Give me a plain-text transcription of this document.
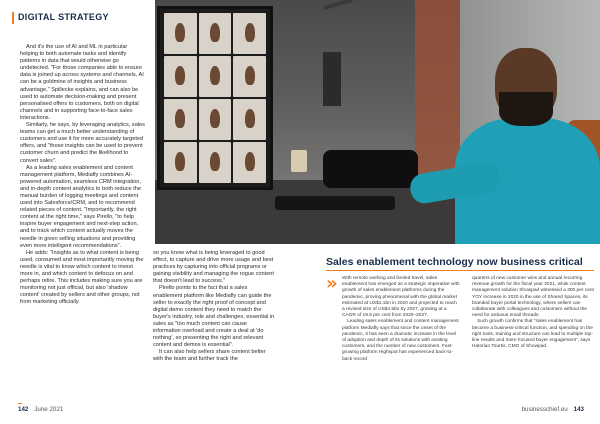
DIGITAL STRATEGY

And it's the use of AI and ML in particular helping to both automate tasks and identify patterns in data that would otherwise go undetected. "For those companies able to ensure data is joined up across systems and channels, AI can be a goldmine of insights and business advantage," Spillecke explains, and can also be used to automate decision-making and present personalised offers to customers, both on digital channels and in supporting face-to-face sales interactions.

Similarly, he says, by leveraging analytics, sales teams can get a much better understanding of customers and use it for more accurately targeted offers, and "those insights can be used to prevent customer churn and predict the likelihood to convert sales".

As a leading sales enablement and content management platform, Mediafly combines AI-powered automation, seamless CRM integration, and in-depth content analytics to both reduce the manual burden of logging meetings and content used into Salesforce/CRM, and to recommend related pieces of content. "Importantly, the right content at the right time," says Pirello, "to help inspire buyer engagement and next-step action, and to track which content actually moves the needle in given selling situations and providing even more intelligent recommendations".

He adds: "Insights as to what content is being used, consumed and most importantly moving the needle is vital to know which content to invest more in, and which content to defocus on and perhaps retire. This includes making sure you are monitoring not just official, but also 'shadow content' created by sellers and other groups, not from marketing officially.

so you know what is being leveraged to good effect, to capture and drive more usage and best practices by capturing into official programs or gaining visibility and managing the rogue content that doesn't lead to success."

Pirello points to the fact that a sales enablement platform like Mediafly can guide the seller to exactly the right proof of concept and digital demo content they need to match the buyer's industry, role and challenges, essential in sales as "too much content can cause information overload and create a deal at 'do nothing', so presenting the right and relevant content and demos is essential".

It can also help sellers share content better with the team and further track the

Sales enablement technology now business critical
» With remote working and limited travel, sales enablement has emerged as a strategic imperative with growth of sales enablement platforms during the pandemic, proving phenomenal with the global market estimated at US$1.1bn in 2020 and projected to reach a revised size of US$4.5bn by 2027, growing at a CAGR of 19.5 per cent from 2020–2027.

Leading sales enablement and content management platform Mediafly says that since the onset of the pandemic, it has seen a dramatic increase in the level of adoption and depth of its solutions with existing customers, and the number of new customers. Fast-growing platform Highspot has experienced back-to-back record

quarters of new customer wins and annual recurring revenue growth for the fiscal year 2021, while content management solution Showpad witnessed a 300 per cent YOY increase in 2020 in the use of Shared Spaces, its branded buyer portal technology, where sellers can collaborate with colleagues and customers without the need for arduous email threads.

Such growth confirms that "sales enablement has become a business-critical function, and spending on the right tools, training and structure can lead to multiple top-line results and more focused buyer engagement", says Hatorian Tourtis, CMO of Showpad.

142 June 2021	businesschief.eu 143
